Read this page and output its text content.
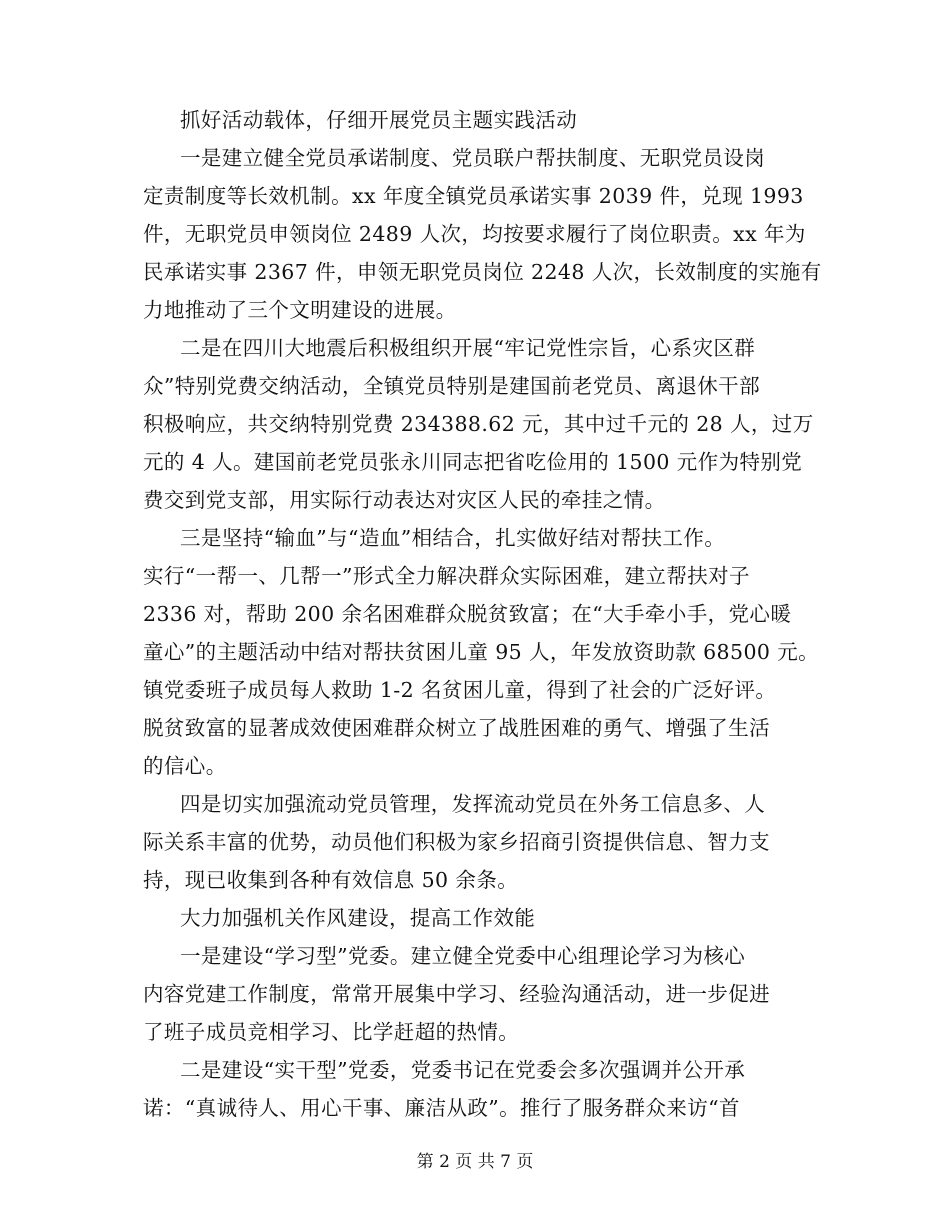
抓好活动载体，仔细开展党员主题实践活动
一是建立健全党员承诺制度、党员联户帮扶制度、无职党员设岗
定责制度等长效机制。xx 年度全镇党员承诺实事 2039 件，兑现 1993
件，无职党员申领岗位 2489 人次，均按要求履行了岗位职责。xx 年为
民承诺实事 2367 件，申领无职党员岗位 2248 人次，长效制度的实施有
力地推动了三个文明建设的进展。
二是在四川大地震后积极组织开展“牢记党性宗旨，心系灾区群
众”特别党费交纳活动，全镇党员特别是建国前老党员、离退休干部
积极响应，共交纳特别党费 234388.62 元，其中过千元的 28 人，过万
元的 4 人。建国前老党员张永川同志把省吃俭用的 1500 元作为特别党
费交到党支部，用实际行动表达对灾区人民的牵挂之情。
三是坚持“输血”与“造血”相结合，扎实做好结对帮扶工作。
实行“一帮一、几帮一”形式全力解决群众实际困难，建立帮扶对子
2336 对，帮助 200 余名困难群众脱贫致富；在“大手牵小手，党心暖
童心”的主题活动中结对帮扶贫困儿童 95 人，年发放资助款 68500 元。
镇党委班子成员每人救助 1-2 名贫困儿童，得到了社会的广泛好评。
脱贫致富的显著成效使困难群众树立了战胜困难的勇气、增强了生活
的信心。
四是切实加强流动党员管理，发挥流动党员在外务工信息多、人
际关系丰富的优势，动员他们积极为家乡招商引资提供信息、智力支
持，现已收集到各种有效信息 50 余条。
大力加强机关作风建设，提高工作效能
一是建设“学习型”党委。建立健全党委中心组理论学习为核心
内容党建工作制度，常常开展集中学习、经验沟通活动，进一步促进
了班子成员竞相学习、比学赶超的热情。
二是建设“实干型”党委，党委书记在党委会多次强调并公开承
诺：“真诚待人、用心干事、廉洁从政”。推行了服务群众来访“首
第 2 页 共 7 页
